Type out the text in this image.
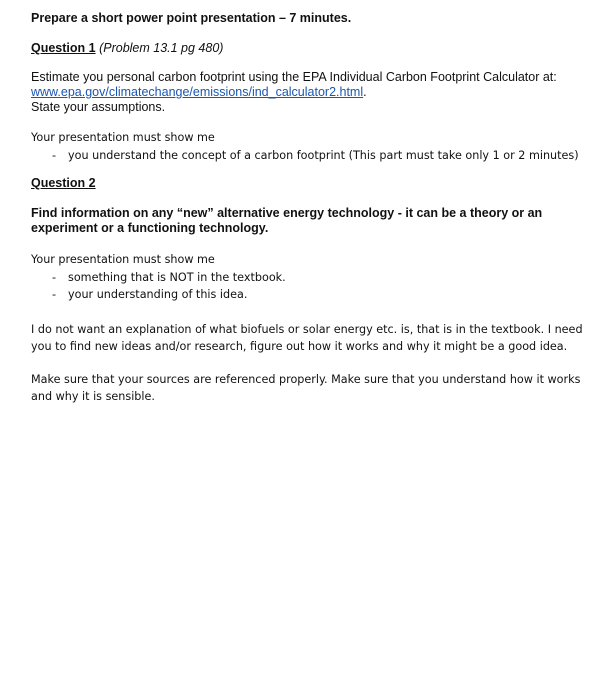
Prepare a short power point presentation – 7 minutes.

Question 1 (Problem 13.1 pg 480)

Estimate you personal carbon footprint using the EPA Individual Carbon Footprint Calculator at:

www.epa.gov/climatechange/emissions/ind_calculator2.html.

State your assumptions.

Your presentation must show me

- you understand the concept of a carbon footprint (This part must take only 1 or 2 minutes)

Question 2

Find information on any “new” alternative energy technology - it can be a theory or an experiment or a functioning technology.

Your presentation must show me

- something that is NOT in the textbook.
- your understanding of this idea.

I do not want an explanation of what biofuels or solar energy etc. is, that is in the textbook. I need you to find new ideas and/or research, figure out how it works and why it might be a good idea.

Make sure that your sources are referenced properly. Make sure that you understand how it works and why it is sensible.
